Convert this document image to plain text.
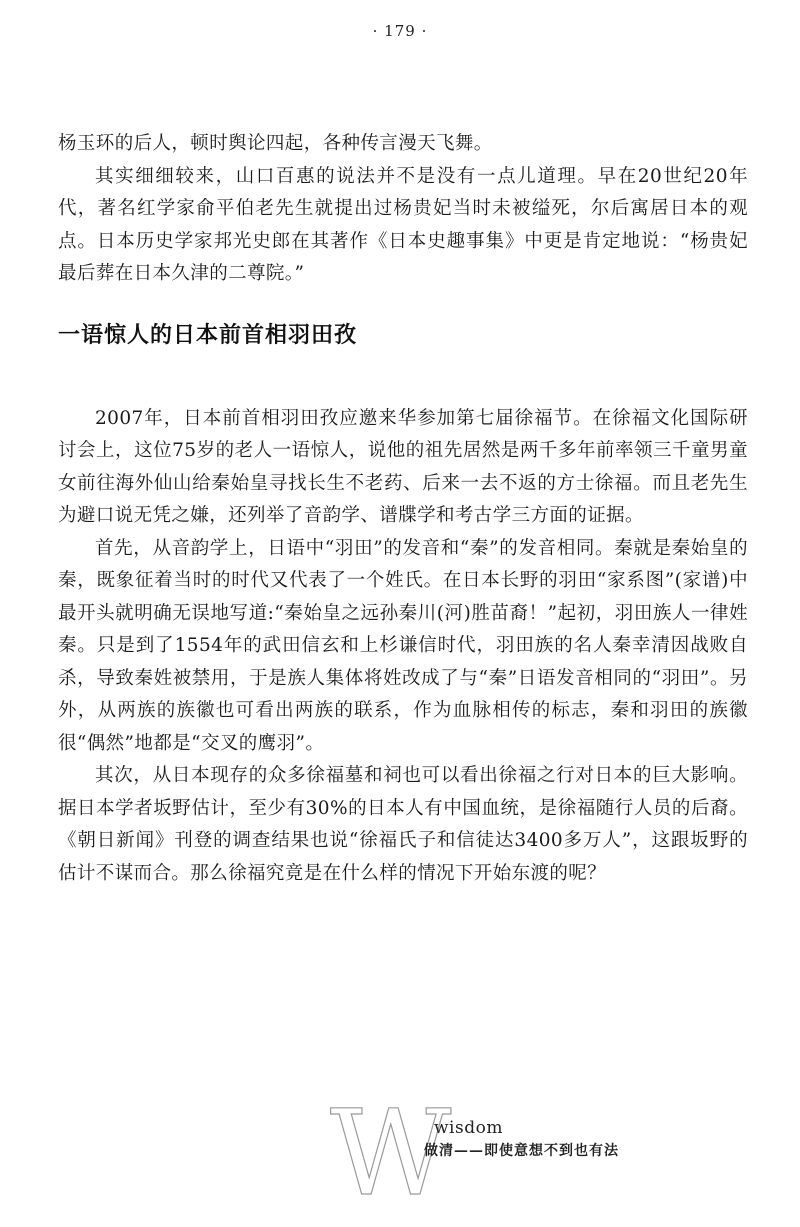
· 179 ·

杨玉环的后人，顿时舆论四起，各种传言漫天飞舞。

其实细细较来，山口百惠的说法并不是没有一点儿道理。早在20世纪20年代，著名红学家俞平伯老先生就提出过杨贵妃当时未被缢死，尔后寓居日本的观点。日本历史学家邦光史郎在其著作《日本史趣事集》中更是肯定地说：“杨贵妃最后葬在日本久津的二尊院。”

一语惊人的日本前首相羽田孜

2007年，日本前首相羽田孜应邀来华参加第七届徐福节。在徐福文化国际研讨会上，这位75岁的老人一语惊人，说他的祖先居然是两千多年前率领三千童男童女前往海外仙山给秦始皇寻找长生不老药、后来一去不返的方士徐福。而且老先生为避口说无凭之嫌，还列举了音韵学、谱牒学和考古学三方面的证据。

首先，从音韵学上，日语中“羽田”的发音和“秦”的发音相同。秦就是秦始皇的秦，既象征着当时的时代又代表了一个姓氏。在日本长野的羽田“家系图”(家谱)中最开头就明确无误地写道:“秦始皇之远孙秦川(河)胜苗裔！”起初，羽田族人一律姓秦。只是到了1554年的武田信玄和上杉谦信时代，羽田族的名人秦幸清因战败自杀，导致秦姓被禁用，于是族人集体将姓改成了与“秦”日语发音相同的“羽田”。另外，从两族的族徽也可看出两族的联系，作为血脉相传的标志，秦和羽田的族徽很“偶然”地都是“交叉的鹰羽”。

其次，从日本现存的众多徐福墓和祠也可以看出徐福之行对日本的巨大影响。据日本学者坂野估计，至少有30%的日本人有中国血统，是徐福随行人员的后裔。《朝日新闻》刊登的调查结果也说“徐福氏子和信徒达3400多万人”，这跟坂野的估计不谋而合。那么徐福究竟是在什么样的情况下开始东渡的呢？

W
wisdom
做清——即使意想不到也有法
